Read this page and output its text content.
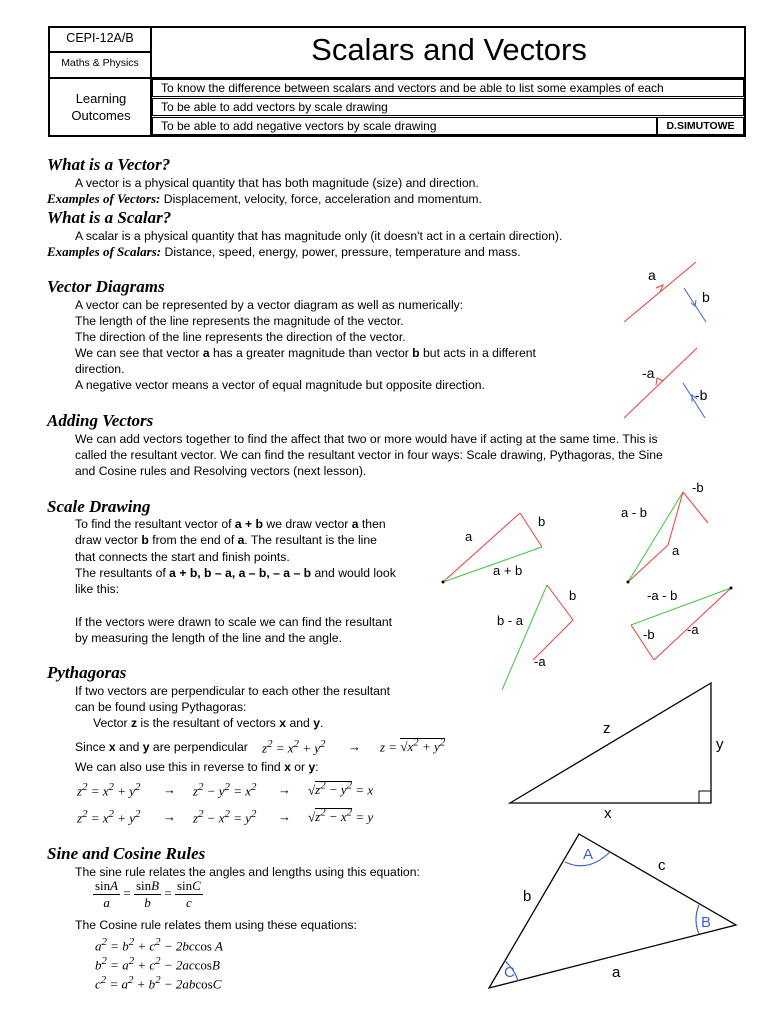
CEPI-12A/B
Maths & Physics	Scalars and Vectors
Learning Outcomes
To know the difference between scalars and vectors and be able to list some examples of each
To be able to add vectors by scale drawing
To be able to add negative vectors by scale drawing	D.SIMUTOWE
What is a Vector?
A vector is a physical quantity that has both magnitude (size) and direction.
Examples of Vectors: Displacement, velocity, force, acceleration and momentum.
What is a Scalar?
A scalar is a physical quantity that has magnitude only (it doesn't act in a certain direction).
Examples of Scalars: Distance, speed, energy, power, pressure, temperature and mass.
Vector Diagrams
A vector can be represented by a vector diagram as well as numerically:
The length of the line represents the magnitude of the vector.
The direction of the line represents the direction of the vector.
We can see that vector a has a greater magnitude than vector b but acts in a different
direction.
A negative vector means a vector of equal magnitude but opposite direction.
a
b
-a
-b
Adding Vectors
We can add vectors together to find the affect that two or more would have if acting at the same time. This is
called the resultant vector. We can find the resultant vector in four ways: Scale drawing, Pythagoras, the Sine
and Cosine rules and Resolving vectors (next lesson).
Scale Drawing
To find the resultant vector of a + b we draw vector a then
draw vector b from the end of a. The resultant is the line
that connects the start and finish points.
The resultants of a + b, b – a, a – b, – a – b and would look
like this:
If the vectors were drawn to scale we can find the resultant
by measuring the length of the line and the angle.
a
b
a + b
a - b
-b
a
b - a
b
-a
-a - b
-b -a
Pythagoras
If two vectors are perpendicular to each other the resultant
can be found using Pythagoras:
Vector z is the resultant of vectors x and y.
Since x and y are perpendicular $z^2 = x^2 + y^2 \to z = √x^2 + y^2$
We can also use this in reverse to find x or y:
$z^2 = x^2 + y^2 \to z^2 - y^2 = x^2 \to √z^2 - y^2 = x$
$z^2 = x^2 + y^2 \to z^2 - x^2 = y^2 \to √z^2 - x^2 = y$
z
y
x
Sine and Cosine Rules
The sine rule relates the angles and lengths using this equation:
$\frac{\sin A}{a} = \frac{\sin B}{b} = \frac{\sin C}{c}$
The Cosine rule relates them using these equations:
$a^2 = b^2 + c^2 - 2bccos$ A
$b^2 = a^2 + c^2 - 2accosB$
$c^2 = a^2 + b^2 - 2abcosC$
A
B
C
c
b
a
